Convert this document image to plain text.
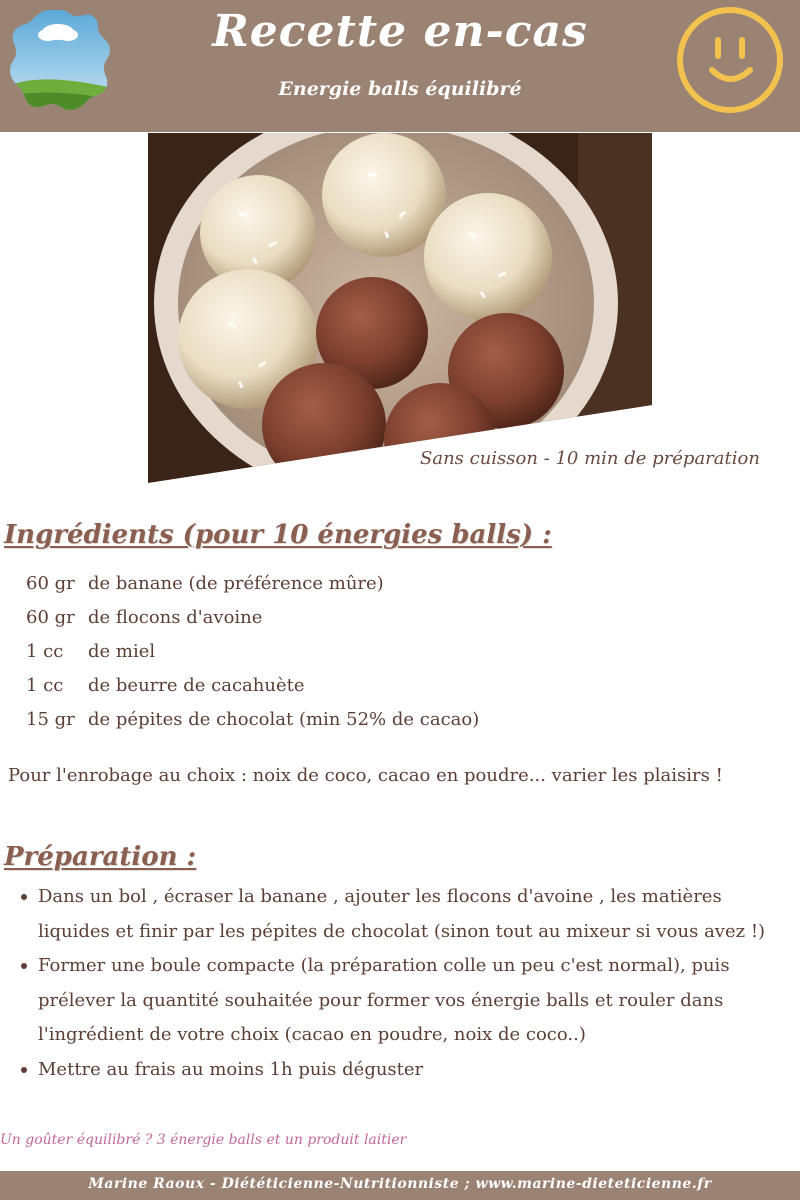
Recette en-cas
Energie balls équilibré
Sans cuisson - 10 min de préparation
Ingrédients (pour 10 énergies balls) :
60 gr de banane (de préférence mûre)
60 gr de flocons d'avoine
1 cc	de miel
1 cc	de beurre de cacahuète
15 gr de pépites de chocolat (min 52% de cacao)
Pour l'enrobage au choix : noix de coco, cacao en poudre... varier les plaisirs !
Préparation :
Dans un bol , écraser la banane , ajouter les flocons d'avoine , les matières liquides et finir par les pépites de chocolat (sinon tout au mixeur si vous avez !)
Former une boule compacte (la préparation colle un peu c'est normal), puis prélever la quantité souhaitée pour former vos énergie balls et rouler dans l'ingrédient de votre choix (cacao en poudre, noix de coco..)
Mettre au frais au moins 1h puis déguster
Un goûter équilibré ? 3 énergie balls et un produit laitier
Marine Raoux - Diététicienne-Nutritionniste ; www.marine-dieteticienne.fr
